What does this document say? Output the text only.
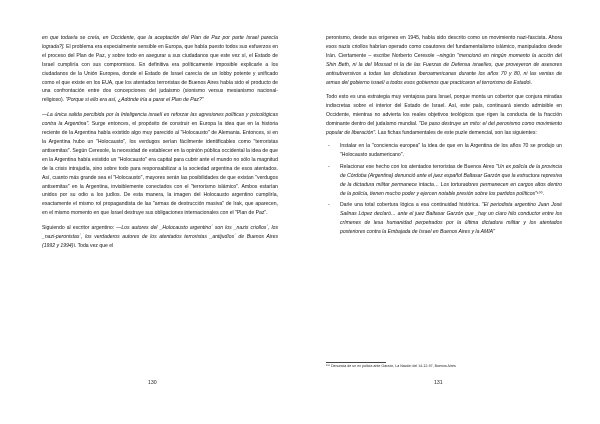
en que todavía se creía, en Occidente, que la aceptación del Plan de Paz por parte Israel parecía lograda?]. El problema era especialmente sensible en Europa, que había puesto todos sus esfuerzos en el proceso del Plan de Paz, y sobre todo en asegurar a sus ciudadanos que este vez sí, el Estado de Israel cumpliría con sus compromisos. En definitiva era políticamente imposible explicarle a los ciudadanos de la Unión Europea, donde el Estado de Israel carecía de un lobby potente y unificado como el que existe en los EUA, que los atentados terroristas de Buenos Aires había sido el producto de una confrontación entre dos concepciones del judaismo (sionismo versus mesianismo nacional-religioso). "Porque si ello era así, ¿Adónde iría a parar el Plan de Paz?"

—La única salida percibida por la Inteligencia israelí es reforzar las agresiones políticas y psicológicas contra la Argentina". Surge entonces, el propósito de construir en Europa la idea que en la historia reciente de la Argentina había existido algo muy parecido al "Holocausto" de Alemania. Entonces, si en la Argentina hubo un "Holocausto", los verdugos serían fácilmente identificables como "terroristas antisemitas". Según Ceresole, la necesidad de establecer en la opinión pública occidental la idea de que en la Argentina había existido un "Holocausto" era capital para cubrir ante el mundo no sólo la magnitud de la crisis intrajudía, sino sobre todo para responsabilizar a la sociedad argentina de esos atentados. Así, cuanto más grande sea el "Holocausto", mayores serán las posibilidades de que existan "verdugos antisemitas" en la Argentina, invisiblemente conectados con el "terrorismo islámico". Ambos estarían unidos por su odio a los judíos. De esta manera, la imagen del Holocausto argentino cumpliría, exactamente el mismo rol propagandista de las "armas de destrucción masiva" de Irak, que aparecen, en el mismo momento en que Israel destruye sus obligaciones internacionales con el "Plan de Paz".

Siguiendo al escritor argentino: —Los autores del _Holocausto argentino´ son los _nazis criollos´, los _nazi-peronistas´, los verdaderos autores de los atentados terroristas _antijudíos´ de Buenos Aires (1992 y 1994)ì. Toda vez que el

130

peronismo, desde sus orígenes en 1945, había sido descrito como un movimiento nazi-fascista. Ahora esos nazis criollos habrían operado como coautores del fundamentalismo islámico, manipulados desde Irán. Ciertamente – escribe Norberto Ceresole –ningún "mencionó en ningún momento la acción del Shin Beth, ni la del Mossad ni la de las Fuerzas de Defensa israelíes, que proveyeron de asesores antisubversivos a todas las dictaduras iberoamericanas durante los años 70 y 80, ni las ventas de armas del gobierno israelí a todos esos gobiernos que practicaron el terrorismo de Estadoì.

Todo esto es una estrategia muy ventajosa para Israel, porque monta un cobertor que conjura miradas indiscretas sobre el interior del Estado de Israel. Así, este país, continuará siendo admisible en Occidente, mientras no advierta los reales objetivos teológicos que rigen la conducta de la fracción dominante dentro del judaísmo mundial. "De paso destruye un mito: el del peronismo como movimiento popular de liberación". Las fichas fundamentales de este puzle demencial, son las siguientes:

- Instalar en la "conciencia europea" la idea de que en la Argentina de los años 70 se produjo un "Holocausto sudamericano".
- Relacionar ese hecho con los atentados terroristas de Buenos Aires "Un ex policía de la provincia de Córdoba (Argentina) denunció ante el juez español Baltasar Garzón que la estructura represiva de la dictadura militar permanece intacta… Los torturadores permanecen en cargos altos dentro de la policía, tienen mucho poder y ejercen notable presión sobre los partidos políticos"¹⁰⁰.
- Darle una total cobertura lógica a esa continuidad histórica. "El periodista argentino Juan José Salinas López declaró… ante el juez Baltasar Garzón que _hay un claro hilo conductor entre los crímenes de lesa humanidad perpetrados por la última dictadura militar y los atentados posteriores contra la Embajada de Israel en Buenos Aires y la AMIA"
¹⁰⁰ Denuncia de un ex policía ante Garzón, La Nación del 14-12-97, Buenos Aires
131
